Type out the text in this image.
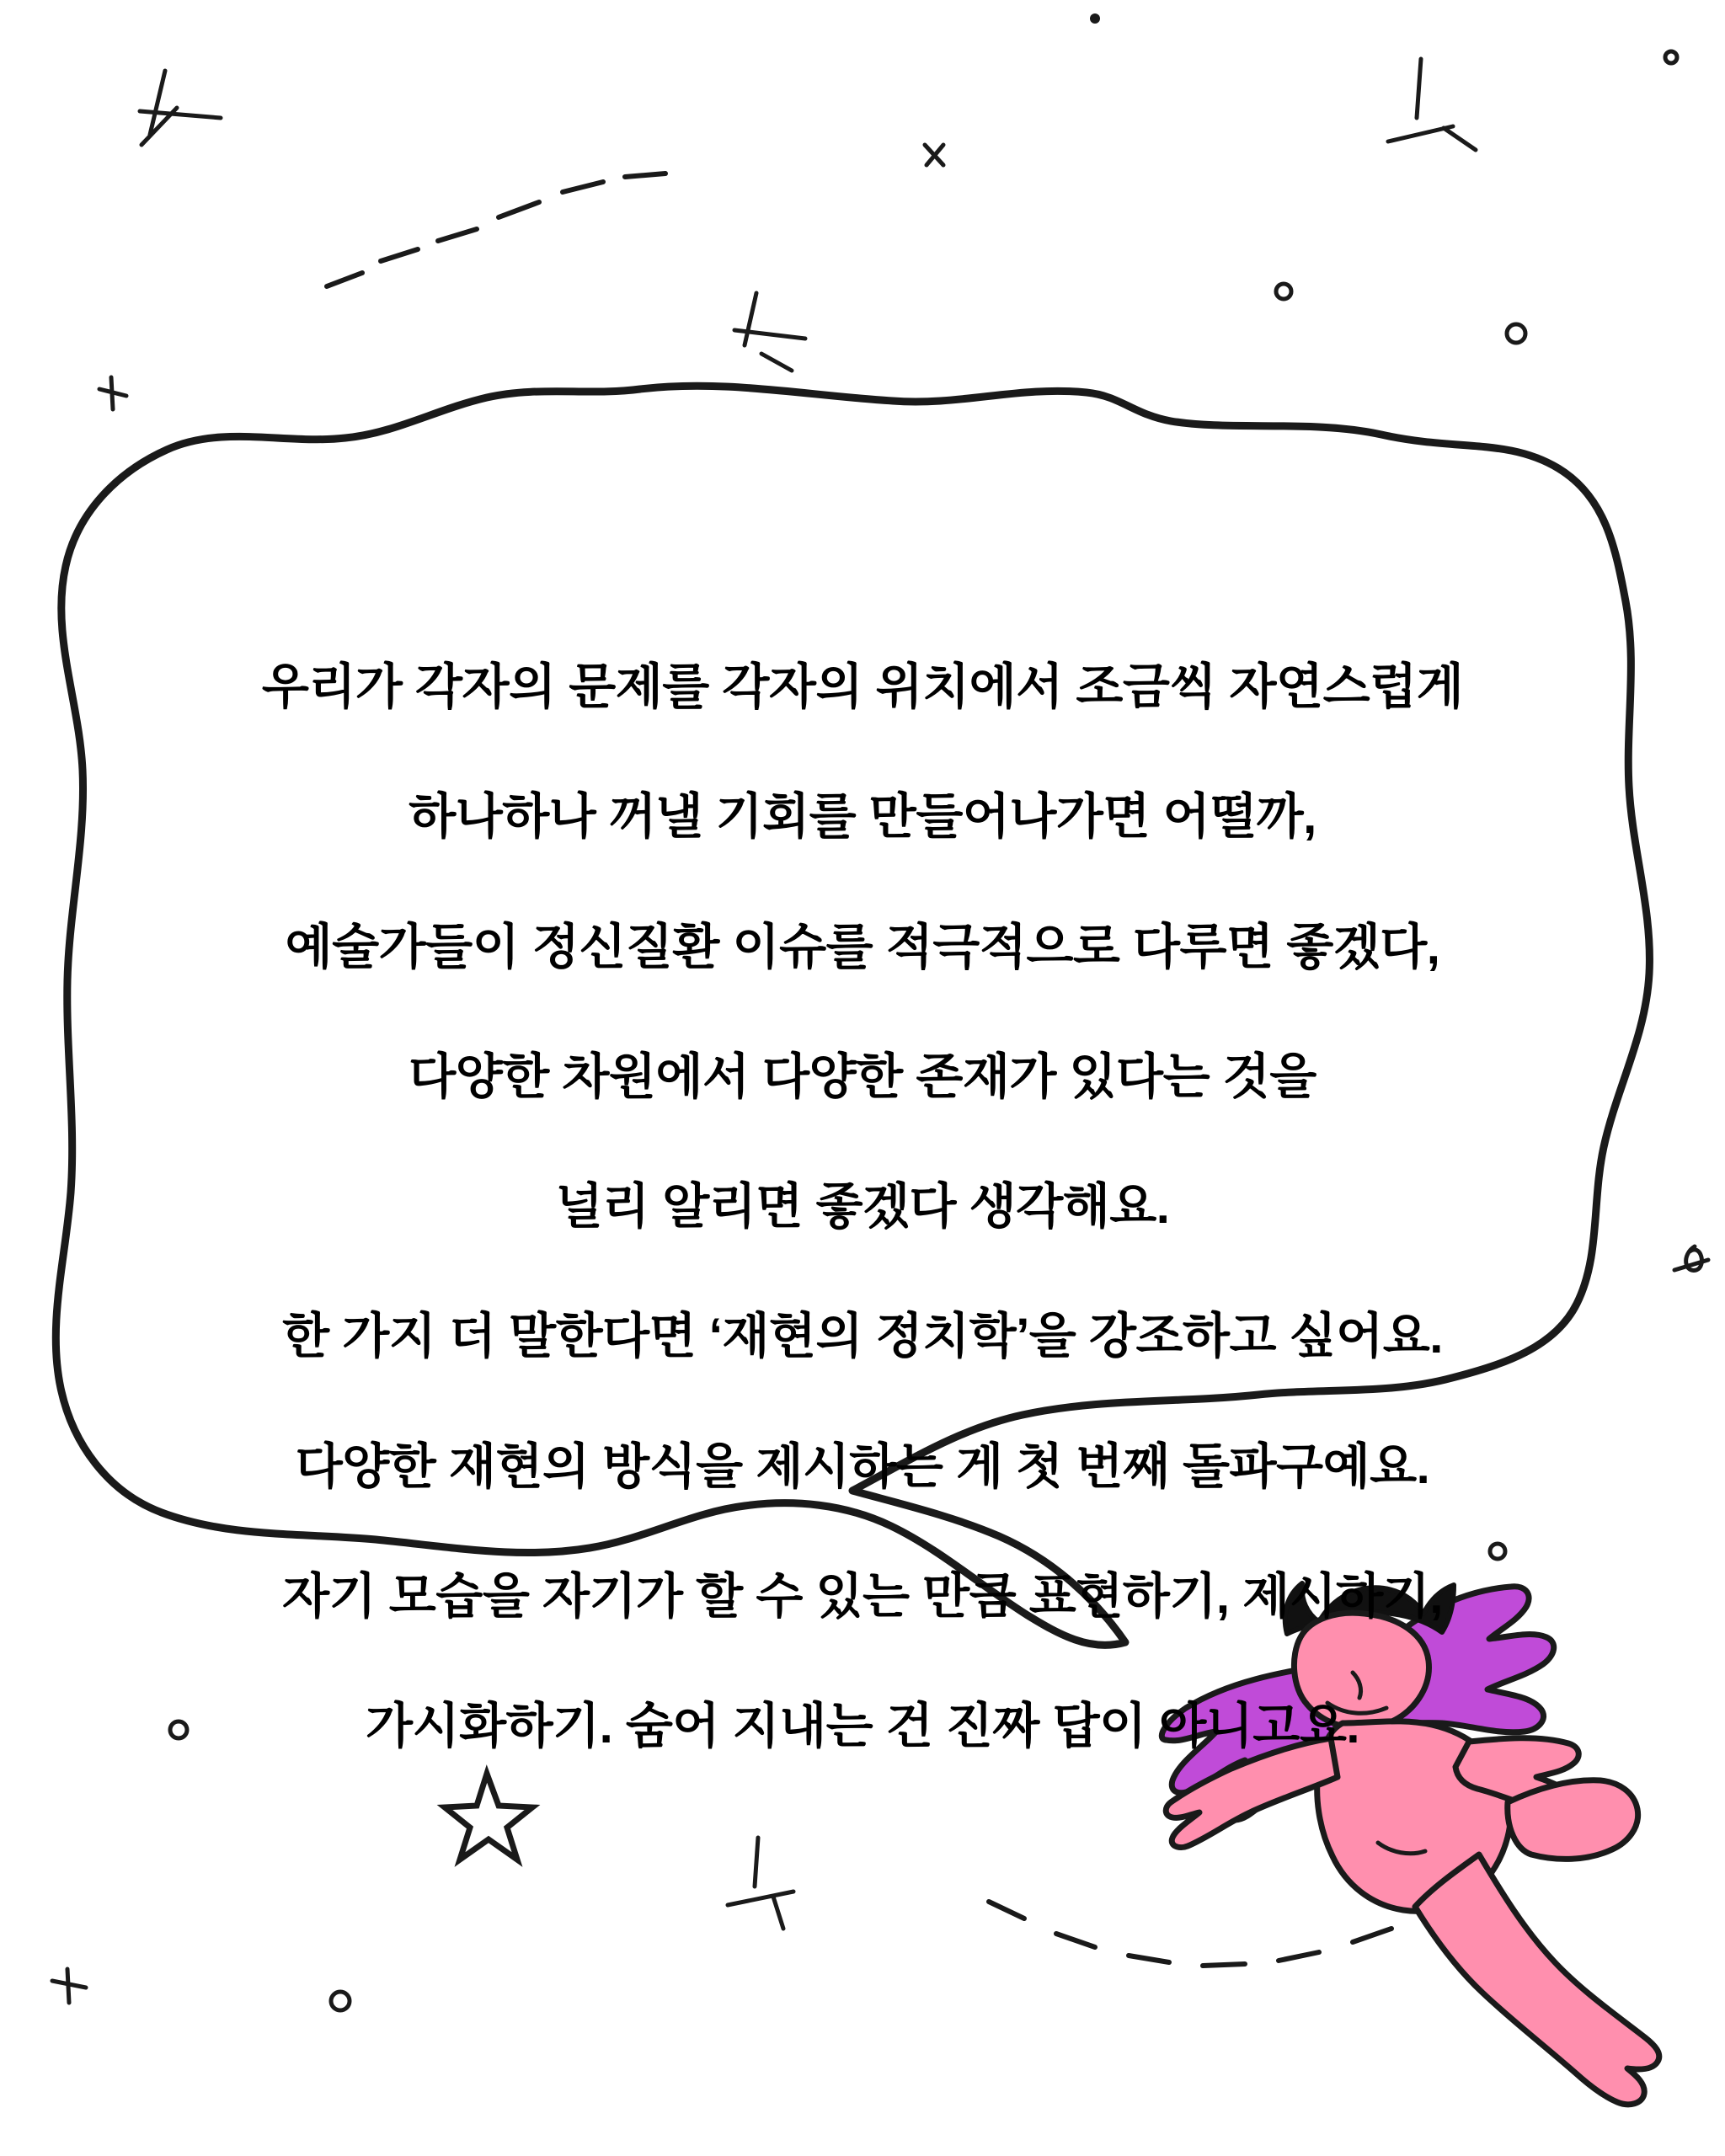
우리가 각자의 문제를 각자의 위치에서 조금씩 자연스럽게

하나하나 꺼낼 기회를 만들어나가면 어떨까,

예술가들이 정신질환 이슈를 적극적으로 다루면 좋겠다,

다양한 차원에서 다양한 존재가 있다는 것을

널리 알리면 좋겠다 생각해요.

한 가지 더 말한다면 ‘재현의 정치학’을 강조하고 싶어요.

다양한 재현의 방식을 제시하는 게 첫 번째 돌파구예요.

자기 모습을 자기가 할 수 있는 만큼 표현하기, 제시하기,

가시화하기. 숨어 지내는 건 진짜 답이 아니고요.
